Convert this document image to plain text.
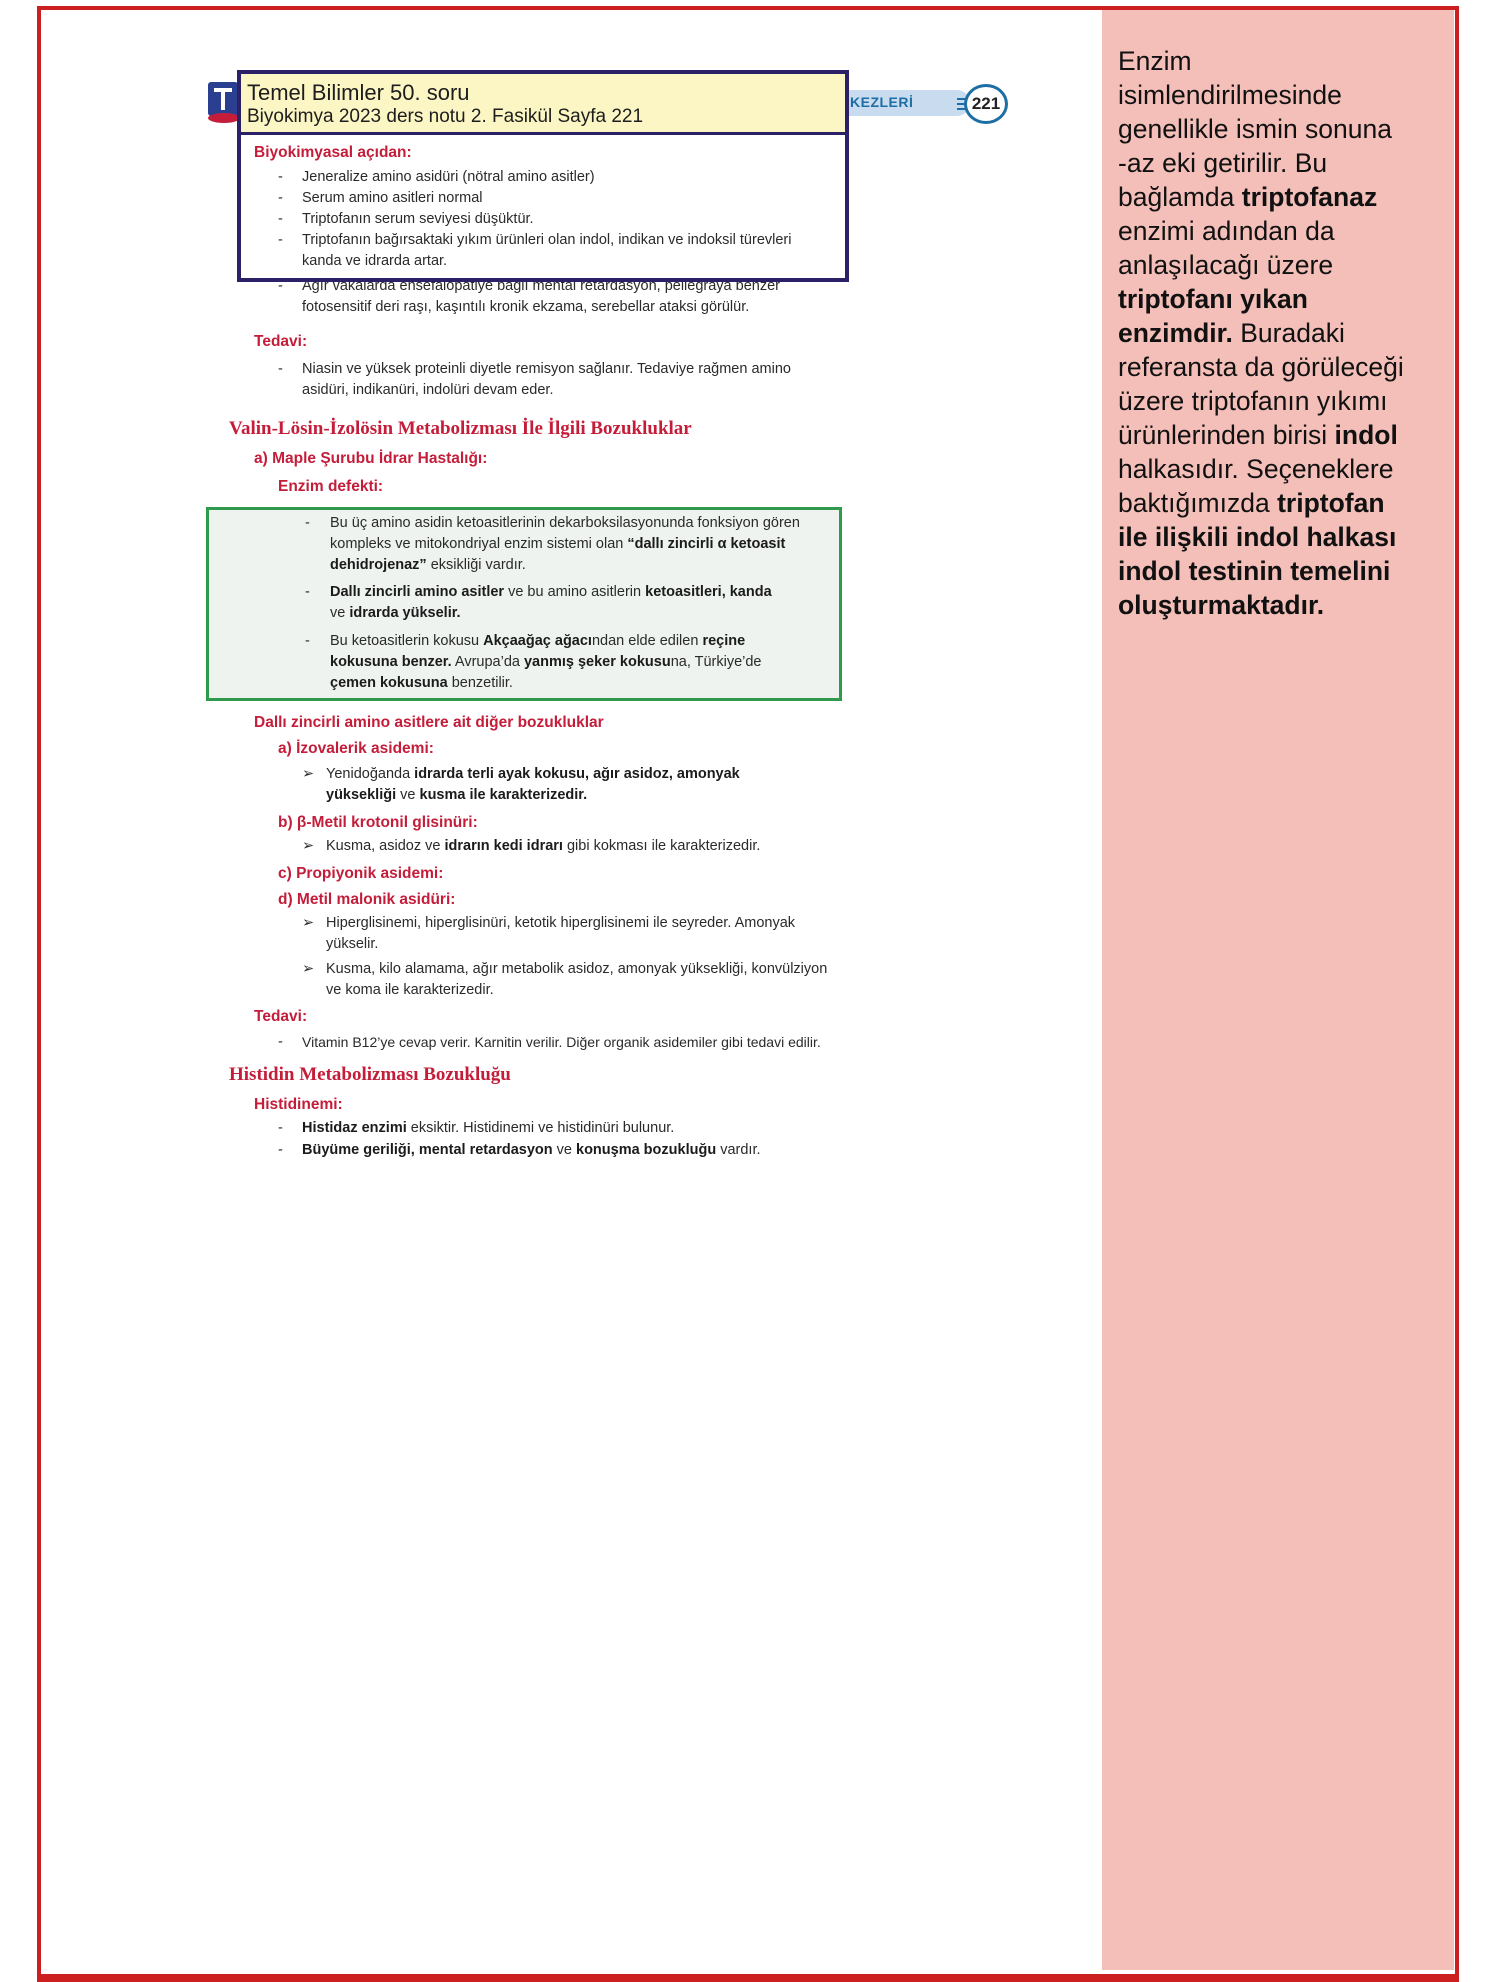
KEZLERİ	221
Biyokimyasal açıdan:
- Jeneralize amino asidüri (nötral amino asitler)
- Serum amino asitleri normal
- Triptofanın serum seviyesi düşüktür.
- Triptofanın bağırsaktaki yıkım ürünleri olan indol, indikan ve indoksil türevleri
kanda ve idrarda artar.
- Ağır vakalarda ensefalopatiye bağlı mental retardasyon, pellegraya benzer
fotosensitif deri raşı, kaşıntılı kronik ekzama, serebellar ataksi görülür.
Tedavi:
- Niasin ve yüksek proteinli diyetle remisyon sağlanır. Tedaviye rağmen amino
asidüri, indikanüri, indolüri devam eder.
Valin-Lösin-İzolösin Metabolizması İle İlgili Bozukluklar
a) Maple Şurubu İdrar Hastalığı:
Enzim defekti:
- Bu üç amino asidin ketoasitlerinin dekarboksilasyonunda fonksiyon gören
kompleks ve mitokondriyal enzim sistemi olan “dallı zincirli α ketoasit
dehidrojenaz” eksikliği vardır.
- Dallı zincirli amino asitler ve bu amino asitlerin ketoasitleri, kanda
ve idrarda yükselir.
- Bu ketoasitlerin kokusu Akçaağaç ağacından elde edilen reçine
kokusuna benzer. Avrupa’da yanmış şeker kokusuna, Türkiye’de
çemen kokusuna benzetilir.
Dallı zincirli amino asitlere ait diğer bozukluklar
a) İzovalerik asidemi:
➢ Yenidoğanda idrarda terli ayak kokusu, ağır asidoz, amonyak
yüksekliği ve kusma ile karakterizedir.
b) β-Metil krotonil glisinüri:
➢ Kusma, asidoz ve idrarın kedi idrarı gibi kokması ile karakterizedir.
c) Propiyonik asidemi:
d) Metil malonik asidüri:
➢ Hiperglisinemi, hiperglisinüri, ketotik hiperglisinemi ile seyreder. Amonyak
yükselir.
➢ Kusma, kilo alamama, ağır metabolik asidoz, amonyak yüksekliği, konvülziyon
ve koma ile karakterizedir.
Tedavi:
- Vitamin B12’ye cevap verir. Karnitin verilir. Diğer organik asidemiler gibi tedavi edilir.
Histidin Metabolizması Bozukluğu
Histidinemi:
- Histidaz enzimi eksiktir. Histidinemi ve histidinüri bulunur.
- Büyüme geriliği, mental retardasyon ve konuşma bozukluğu vardır.
Temel Bilimler 50. soru
Biyokimya 2023 ders notu 2. Fasikül Sayfa 221
Enzim
isimlendirilmesinde
genellikle ismin sonuna
-az eki getirilir. Bu
bağlamda triptofanaz
enzimi adından da
anlaşılacağı üzere
triptofanı yıkan
enzimdir. Buradaki
referansta da görüleceği
üzere triptofanın yıkımı
ürünlerinden birisi indol
halkasıdır. Seçeneklere
baktığımızda triptofan
ile ilişkili indol halkası
indol testinin temelini
oluşturmaktadır.
